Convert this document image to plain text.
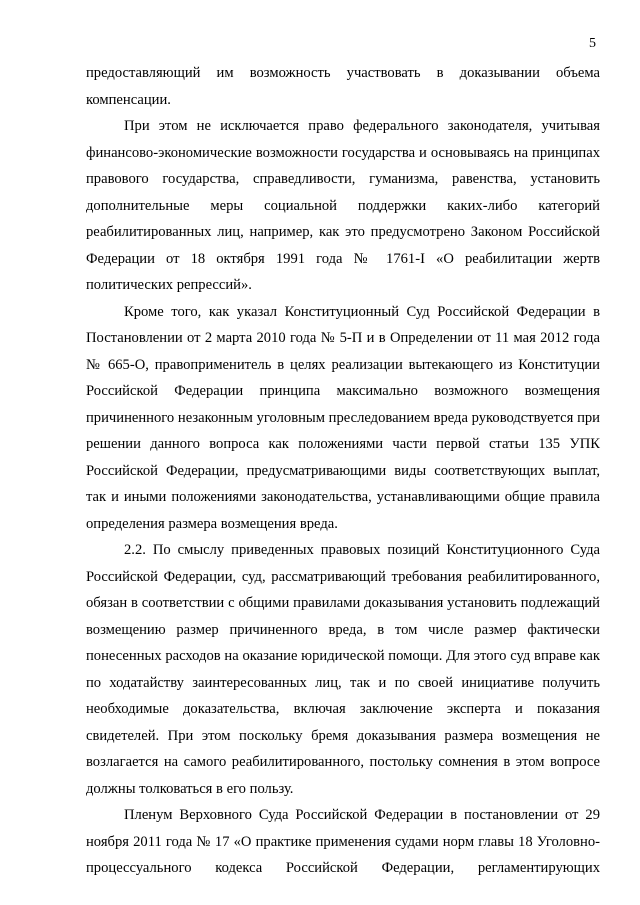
5

предоставляющий им возможность участвовать в доказывании объема компенсации.

При этом не исключается право федерального законодателя, учитывая финансово-экономические возможности государства и основываясь на принципах правового государства, справедливости, гуманизма, равенства, установить дополнительные меры социальной поддержки каких-либо категорий реабилитированных лиц, например, как это предусмотрено Законом Российской Федерации от 18 октября 1991 года № 1761-I «О реабилитации жертв политических репрессий».

Кроме того, как указал Конституционный Суд Российской Федерации в Постановлении от 2 марта 2010 года № 5-П и в Определении от 11 мая 2012 года № 665-О, правоприменитель в целях реализации вытекающего из Конституции Российской Федерации принципа максимально возможного возмещения причиненного незаконным уголовным преследованием вреда руководствуется при решении данного вопроса как положениями части первой статьи 135 УПК Российской Федерации, предусматривающими виды соответствующих выплат, так и иными положениями законодательства, устанавливающими общие правила определения размера возмещения вреда.

2.2. По смыслу приведенных правовых позиций Конституционного Суда Российской Федерации, суд, рассматривающий требования реабилитированного, обязан в соответствии с общими правилами доказывания установить подлежащий возмещению размер причиненного вреда, в том числе размер фактически понесенных расходов на оказание юридической помощи. Для этого суд вправе как по ходатайству заинтересованных лиц, так и по своей инициативе получить необходимые доказательства, включая заключение эксперта и показания свидетелей. При этом поскольку бремя доказывания размера возмещения не возлагается на самого реабилитированного, постольку сомнения в этом вопросе должны толковаться в его пользу.

Пленум Верховного Суда Российской Федерации в постановлении от 29 ноября 2011 года № 17 «О практике применения судами норм главы 18 Уголовно-процессуального кодекса Российской Федерации, регламентирующих
